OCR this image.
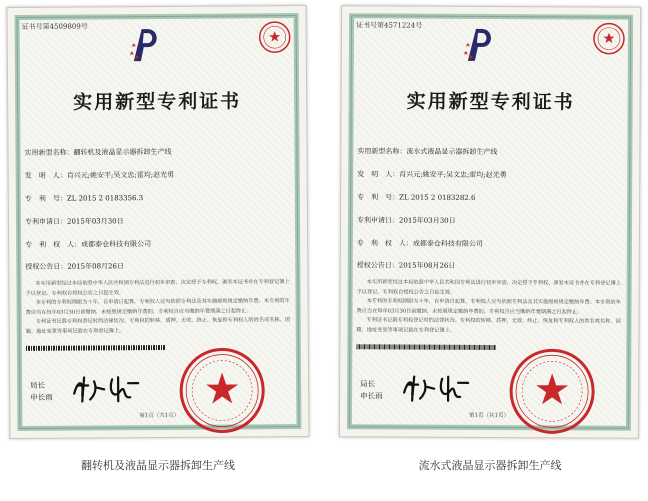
证书号第4509809号
实用新型专利证书
实用新型名称：翻转机及液晶显示器拆卸生产线
发　明　人：肖兴元;姚安平;吴文忠;雷均;赵光勇
专　利　号：ZL 2015 2 0183356.3
专利申请日：2015年03月30日
专　利　权　人：成都泰仓科技有限公司
授权公告日：2015年08月26日

本实用新型经过本局依照中华人民共和国专利法进行初步审查，决定授予专利权，颁发本证书并在专利登记簿上予以登记。专利权自授权公告之日起生效。

本专利的专利权期限为十年，自申请日起算。专利权人应当依照专利法及其实施细则规定缴纳年费。本专利的年费应当在每年03月30日前缴纳。未按照规定缴纳年费的，专利权自应当缴纳年费期满之日起终止。

专利证书记载专利权登记时的法律状况。专利权的转移、质押、无效、终止、恢复和专利权人的姓名或名称、国籍、地址变更等事项记载在专利登记簿上。

局长
申长雨
第1页（共1页）
证书号第4571224号
实用新型专利证书
实用新型名称：流水式液晶显示器拆卸生产线
发　明　人：肖兴元;姚安平;吴文忠;雷均;赵光勇
专　利　号：ZL 2015 2 0183282.6
专利申请日：2015年03月30日
专　利　权　人：成都泰仓科技有限公司
授权公告日：2015年08月26日

本实用新型经过本局依照中华人民共和国专利法进行初步审查，决定授予专利权，颁发本证书并在专利登记簿上予以登记。专利权自授权公告之日起生效。

本专利的专利权期限为十年，自申请日起算。专利权人应当依照专利法及其实施细则规定缴纳年费。本专利的年费应当在每年03月30日前缴纳。未按照规定缴纳年费的，专利权自应当缴纳年费期满之日起终止。

专利证书记载专利权登记时的法律状况。专利权的转移、质押、无效、终止、恢复和专利权人的姓名或名称、国籍、地址变更等事项记载在专利登记簿上。

局长
申长雨
第1页（共1页）
翻转机及液晶显示器拆卸生产线	流水式液晶显示器拆卸生产线
